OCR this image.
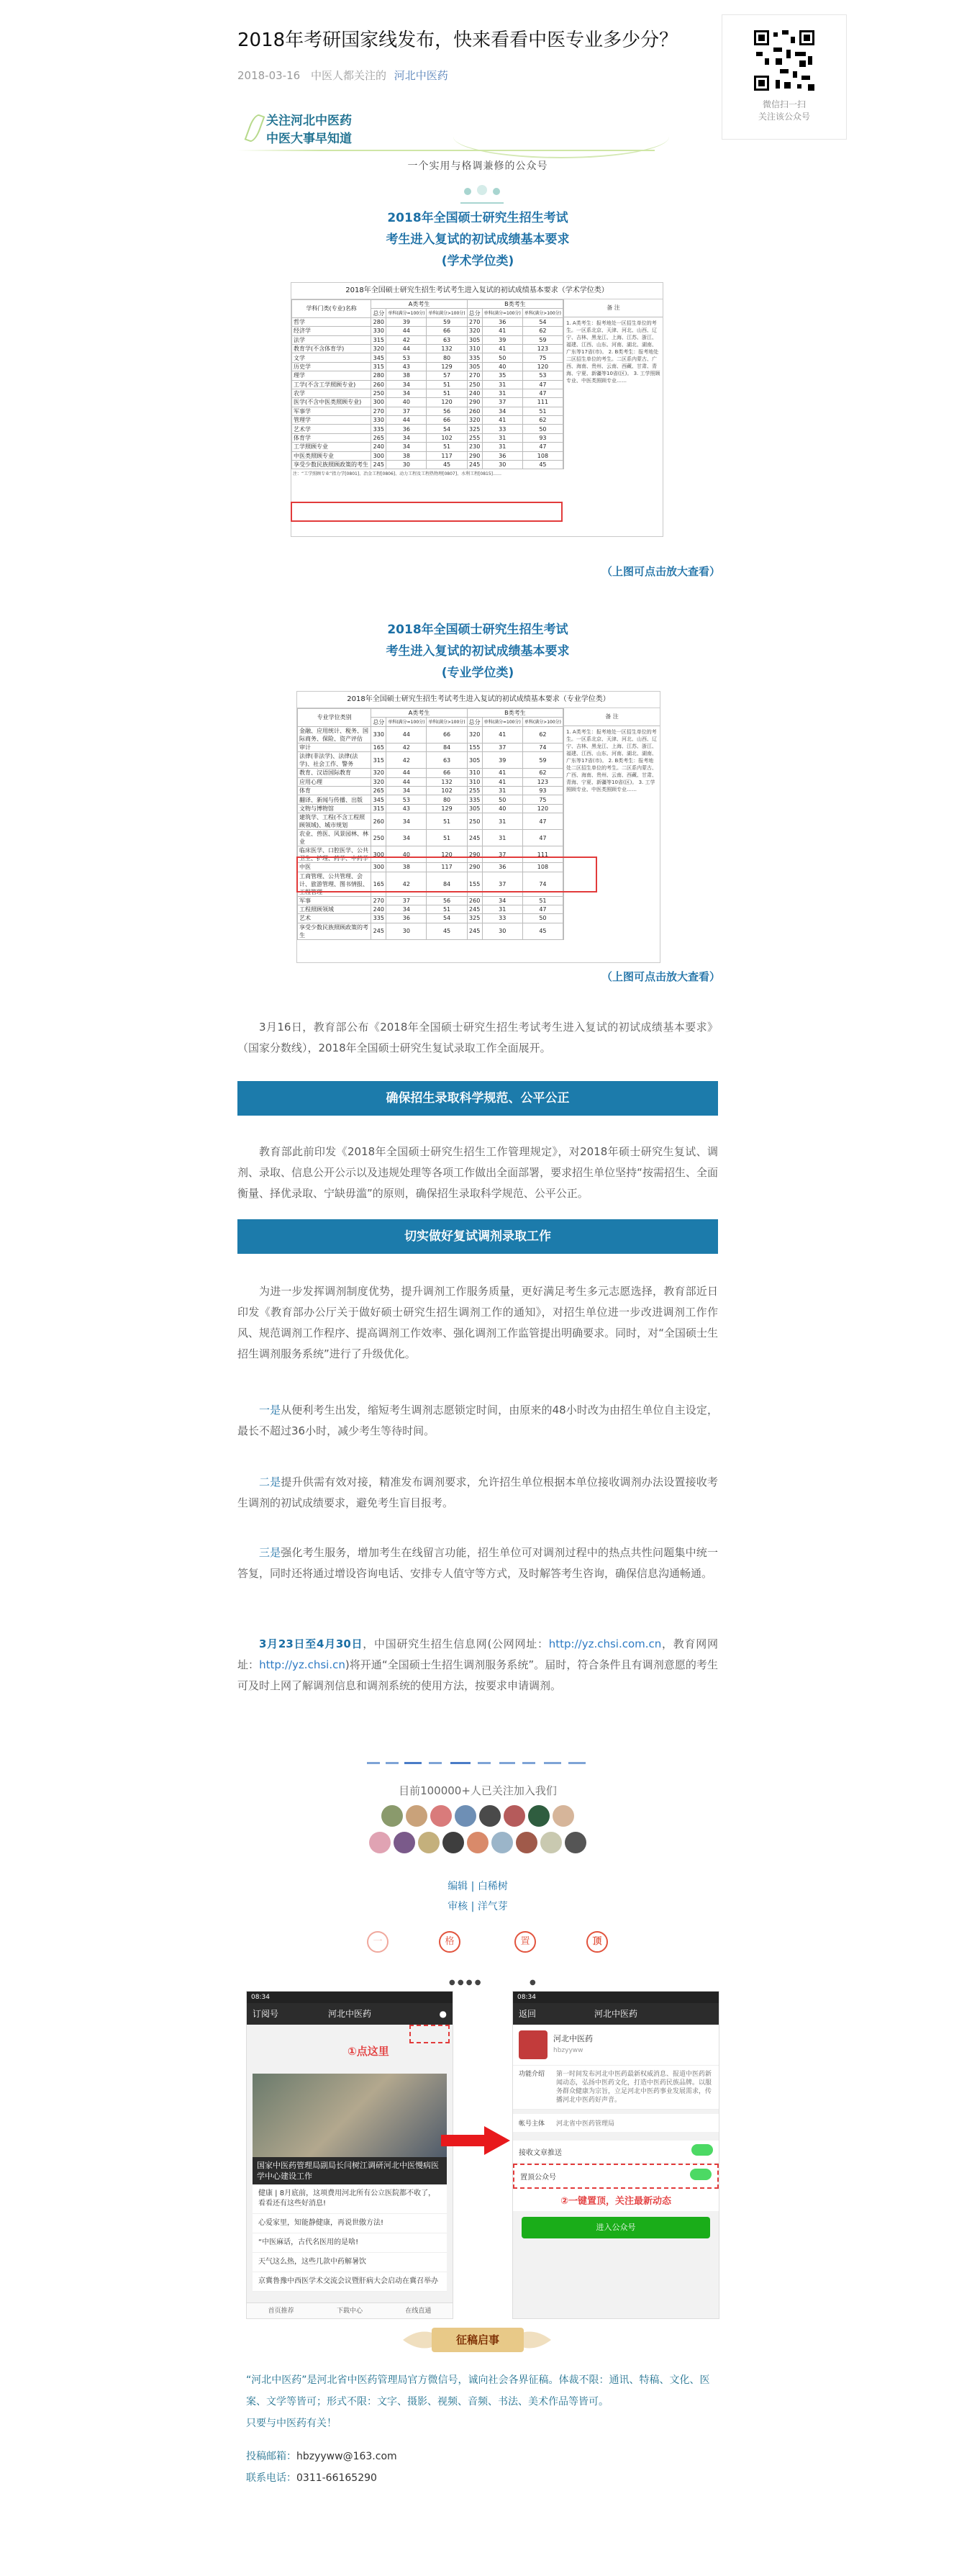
2018年考研国家线发布，快来看看中医专业多少分？
2018-03-16 中医人都关注的 河北中医药
微信扫一扫
关注该公众号
关注河北中医药
中医大事早知道
一个实用与格调兼修的公众号
2018年全国硕士研究生招生考试
考生进入复试的初试成绩基本要求
(学术学位类)
2018年全国硕士研究生招生考试考生进入复试的初试成绩基本要求（学术学位类）
学科门类(专业)名称	A类考生			B类考生		
	总分	单科(满分=100分)	单科(满分>100分)	总分	单科(满分=100分)	单科(满分>100分)
哲学	280	39	59	270	36	54
经济学	330	44	66	320	41	62
法学	315	42	63	305	39	59
教育学(不含体育学)	320	44	132	310	41	123
文学	345	53	80	335	50	75
历史学	315	43	129	305	40	120
理学	280	38	57	270	35	53
工学(不含工学照顾专业)	260	34	51	250	31	47
农学	250	34	51	240	31	47
医学(不含中医类照顾专业)	300	40	120	290	37	111
军事学	270	37	56	260	34	51
管理学	330	44	66	320	41	62
艺术学	335	36	54	325	33	50
体育学	265	34	102	255	31	93
工学照顾专业	240	34	51	230	31	47
中医类照顾专业	300	38	117	290	36	108
享受少数民族照顾政策的考生	245	30	45	245	30	45
备 注
1. A类考生：报考地处一区招生单位的考生。一区系北京、天津、河北、山西、辽宁、吉林、黑龙江、上海、江苏、浙江、福建、江西、山东、河南、湖北、湖南、广东等17省(市)。 2. B类考生：报考地处二区招生单位的考生。二区系内蒙古、广西、海南、贵州、云南、西藏、甘肃、青海、宁夏、新疆等10省(区)。 3. 工学照顾专业、中医类照顾专业……
注：“工学照顾专业”指力学[0801]、冶金工程[0806]、动力工程及工程热物理[0807]、水利工程[0815]……
（上图可点击放大查看）
2018年全国硕士研究生招生考试
考生进入复试的初试成绩基本要求
(专业学位类)
2018年全国硕士研究生招生考试考生进入复试的初试成绩基本要求（专业学位类）
专业学位类别	A类考生			B类考生		
	总分	单科(满分=100分)	单科(满分>100分)	总分	单科(满分=100分)	单科(满分>100分)
金融、应用统计、税务、国际商务、保险、资产评估	330	44	66	320	41	62
审计	165	42	84	155	37	74
法律(非法学)、法律(法学)、社会工作、警务	315	42	63	305	39	59
教育、汉语国际教育	320	44	66	310	41	62
应用心理	320	44	132	310	41	123
体育	265	34	102	255	31	93
翻译、新闻与传播、出版	345	53	80	335	50	75
文物与博物馆	315	43	129	305	40	120
建筑学、工程(不含工程照顾领域)、城市规划	260	34	51	250	31	47
农业、兽医、风景园林、林业	250	34	51	245	31	47
临床医学、口腔医学、公共卫生、护理、药学、中药学	300	40	120	290	37	111
中医	300	38	117	290	36	108
工商管理、公共管理、会计、旅游管理、图书情报、工程管理	165	42	84	155	37	74
军事	270	37	56	260	34	51
工程照顾领域	240	34	51	245	31	47
艺术	335	36	54	325	33	50
享受少数民族照顾政策的考生	245	30	45	245	30	45
备 注
1. A类考生：报考地处一区招生单位的考生。一区系北京、天津、河北、山西、辽宁、吉林、黑龙江、上海、江苏、浙江、福建、江西、山东、河南、湖北、湖南、广东等17省(市)。 2. B类考生：报考地处二区招生单位的考生。二区系内蒙古、广西、海南、贵州、云南、西藏、甘肃、青海、宁夏、新疆等10省(区)。 3. 工学照顾专业、中医类照顾专业……
（上图可点击放大查看）
3月16日，教育部公布《2018年全国硕士研究生招生考试考生进入复试的初试成绩基本要求》（国家分数线），2018年全国硕士研究生复试录取工作全面展开。
确保招生录取科学规范、公平公正
教育部此前印发《2018年全国硕士研究生招生工作管理规定》，对2018年硕士研究生复试、调剂、录取、信息公开公示以及违规处理等各项工作做出全面部署，要求招生单位坚持“按需招生、全面衡量、择优录取、宁缺毋滥”的原则，确保招生录取科学规范、公平公正。
切实做好复试调剂录取工作
为进一步发挥调剂制度优势，提升调剂工作服务质量，更好满足考生多元志愿选择，教育部近日印发《教育部办公厅关于做好硕士研究生招生调剂工作的通知》，对招生单位进一步改进调剂工作作风、规范调剂工作程序、提高调剂工作效率、强化调剂工作监管提出明确要求。同时，对“全国硕士生招生调剂服务系统”进行了升级优化。
一是从便利考生出发，缩短考生调剂志愿锁定时间，由原来的48小时改为由招生单位自主设定，最长不超过36小时，减少考生等待时间。
二是提升供需有效对接，精准发布调剂要求，允许招生单位根据本单位接收调剂办法设置接收考生调剂的初试成绩要求，避免考生盲目报考。
三是强化考生服务，增加考生在线留言功能，招生单位可对调剂过程中的热点共性问题集中统一答复，同时还将通过增设咨询电话、安排专人值守等方式，及时解答考生咨询，确保信息沟通畅通。
3月23日至4月30日，中国研究生招生信息网(公网网址：http://yz.chsi.com.cn，教育网网址：http://yz.chsi.cn)将开通“全国硕士生招生调剂服务系统”。届时，符合条件且有调剂意愿的考生可及时上网了解调剂信息和调剂系统的使用方法，按要求申请调剂。
目前100000+人已关注加入我们
编辑 | 白稀树
审核 | 洋气芽
一	格	置	顶
● ● ● ●	●
08:34
订阅号	河北中医药	●
①点这里
国家中医药管理局副局长闫树江调研河北中医慢病医学中心建设工作
健康 | 8月底前，这项费用河北所有公立医院都不收了，看看还有这些好消息!
心爱家里，知能静健康，再说世傲方法!
“中医麻话，古代名医用的是啥!
天气这么热，这些几款中药解暑饮
京冀鲁豫中西医学术交流会议暨肝病大会启动在冀召举办
首页推荐	下载中心	在线直通
08:34
返回	河北中医药
河北中医药
hbzyyww
功能介绍	第一时间发布河北中医药最新权威消息、报道中医药新闻动态，弘扬中医药文化，打造中医药民族品牌。以服务群众健康为宗旨，立足河北中医药事业发展需求，传播河北中医药好声音。
帐号主体	河北省中医药管理局
接收文章推送
置顶公众号
②一键置顶，关注最新动态
进入公众号
征稿启事
“河北中医药”是河北省中医药管理局官方微信号，诚向社会各界征稿。体裁不限：通讯、特稿、文化、医案、文学等皆可；形式不限：文字、摄影、视频、音频、书法、美术作品等皆可。
只要与中医药有关！
投稿邮箱：hbzyyww@163.com
联系电话：0311-66165290
